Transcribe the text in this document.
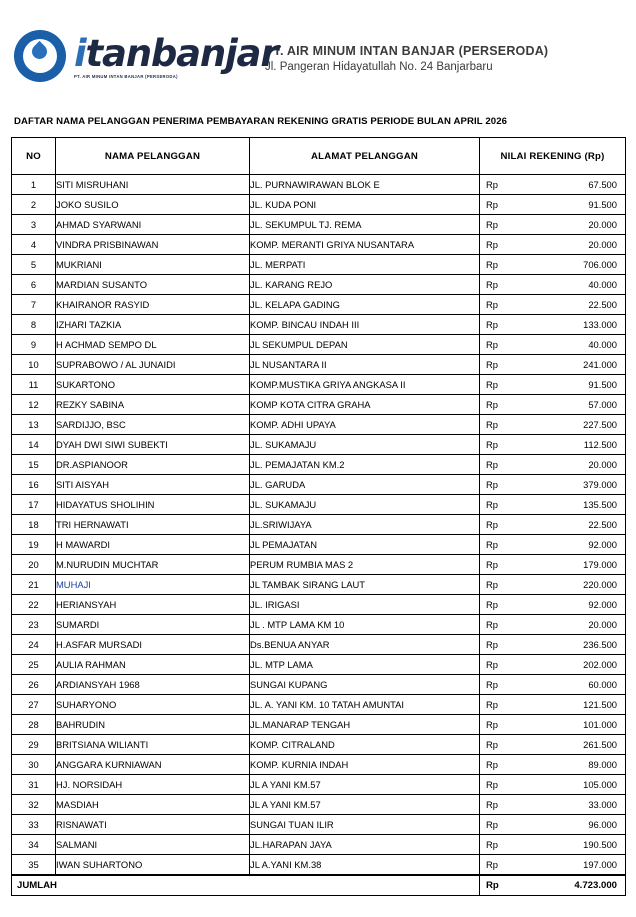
itanbanjar
PT. AIR MINUM INTAN BANJAR (PERSERODA)
PT. AIR MINUM INTAN BANJAR (PERSERODA)
Jl. Pangeran Hidayatullah No. 24 Banjarbaru
DAFTAR NAMA PELANGGAN PENERIMA PEMBAYARAN REKENING GRATIS PERIODE BULAN APRIL 2026
NO	NAMA PELANGGAN	ALAMAT PELANGGAN	NILAI REKENING (Rp)
1	SITI MISRUHANI	JL. PURNAWIRAWAN BLOK E	Rp 67.500

2	JOKO SUSILO	JL. KUDA PONI	Rp 91.500

3	AHMAD SYARWANI	JL. SEKUMPUL TJ. REMA	Rp 20.000

4	VINDRA PRISBINAWAN	KOMP. MERANTI GRIYA NUSANTARA	Rp 20.000

5	MUKRIANI	JL. MERPATI	Rp 706.000

6	MARDIAN SUSANTO	JL. KARANG REJO	Rp 40.000

7	KHAIRANOR RASYID	JL. KELAPA GADING	Rp 22.500

8	IZHARI TAZKIA	KOMP. BINCAU INDAH III	Rp 133.000

9	H ACHMAD SEMPO DL	JL SEKUMPUL DEPAN	Rp 40.000

10	SUPRABOWO / AL JUNAIDI	JL NUSANTARA II	Rp 241.000

11	SUKARTONO	KOMP.MUSTIKA GRIYA ANGKASA II	Rp 91.500

12	REZKY SABINA	KOMP KOTA CITRA GRAHA	Rp 57.000

13	SARDIJJO, BSC	KOMP. ADHI UPAYA	Rp 227.500

14	DYAH DWI SIWI SUBEKTI	JL. SUKAMAJU	Rp 112.500

15	DR.ASPIANOOR	JL. PEMAJATAN KM.2	Rp 20.000

16	SITI AISYAH	JL. GARUDA	Rp 379.000

17	HIDAYATUS SHOLIHIN	JL. SUKAMAJU	Rp 135.500

18	TRI HERNAWATI	JL.SRIWIJAYA	Rp 22.500

19	H MAWARDI	JL PEMAJATAN	Rp 92.000

20	M.NURUDIN MUCHTAR	PERUM RUMBIA MAS 2	Rp 179.000

21	MUHAJI	JL TAMBAK SIRANG LAUT	Rp 220.000

22	HERIANSYAH	JL. IRIGASI	Rp 92.000

23	SUMARDI	JL . MTP LAMA KM 10	Rp 20.000

24	H.ASFAR MURSADI	Ds.BENUA ANYAR	Rp 236.500

25	AULIA RAHMAN	JL. MTP LAMA	Rp 202.000

26	ARDIANSYAH 1968	SUNGAI KUPANG	Rp 60.000

27	SUHARYONO	JL. A. YANI KM. 10 TATAH AMUNTAI	Rp 121.500

28	BAHRUDIN	JL.MANARAP TENGAH	Rp 101.000

29	BRITSIANA WILIANTI	KOMP. CITRALAND	Rp 261.500

30	ANGGARA KURNIAWAN	KOMP. KURNIA INDAH	Rp 89.000

31	HJ. NORSIDAH	JL A YANI KM.57	Rp 105.000

32	MASDIAH	JL A YANI KM.57	Rp 33.000

33	RISNAWATI	SUNGAI TUAN ILIR	Rp 96.000

34	SALMANI	JL.HARAPAN JAYA	Rp 190.500

35	IWAN SUHARTONO	JL A.YANI KM.38	Rp 197.000
JUMLAH	Rp	4.723.000
